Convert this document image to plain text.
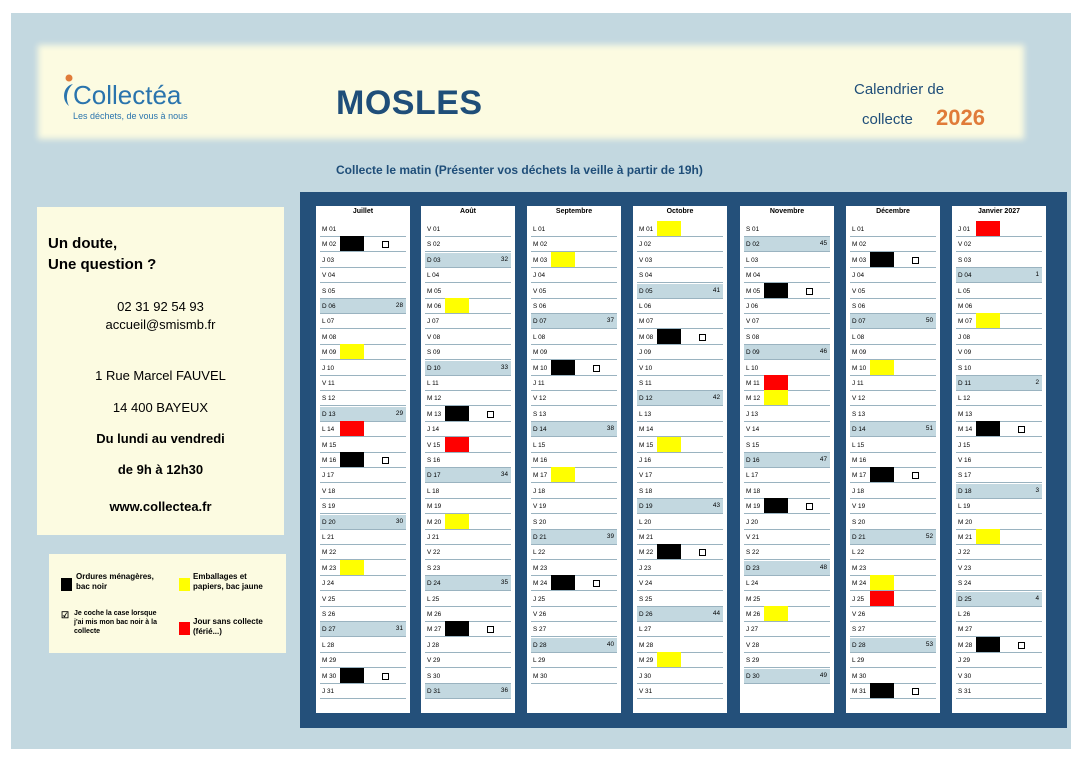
Collectéa
Les déchets, de vous à nous	MOSLES	Calendrier de
collecte 2026
Collecte le matin (Présenter vos déchets la veille à partir de 19h)
Un doute,
Une question ?
02 31 92 54 93
accueil@smismb.fr
1 Rue Marcel FAUVEL
14 400 BAYEUX
Du lundi au vendredi
de 9h à 12h30
www.collectea.fr
Ordures ménagères,
bac noir
Emballages et
papiers, bac jaune
☑ Je coche la case lorsque
j'ai mis mon bac noir à la
collecte
Jour sans collecte
(férié...)
Juillet
M 01
M 02
J 03
V 04
S 05
D 06	28
L 07
M 08
M 09
J 10
V 11
S 12
D 13	29
L 14
M 15
M 16
J 17
V 18
S 19
D 20	30
L 21
M 22
M 23
J 24
V 25
S 26
D 27	31
L 28
M 29
M 30
J 31
Août
V 01
S 02
D 03	32
L 04
M 05
M 06
J 07
V 08
S 09
D 10	33
L 11
M 12
M 13
J 14
V 15
S 16
D 17	34
L 18
M 19
M 20
J 21
V 22
S 23
D 24	35
L 25
M 26
M 27
J 28
V 29
S 30
D 31	36
Septembre
L 01
M 02
M 03
J 04
V 05
S 06
D 07	37
L 08
M 09
M 10
J 11
V 12
S 13
D 14	38
L 15
M 16
M 17
J 18
V 19
S 20
D 21	39
L 22
M 23
M 24
J 25
V 26
S 27
D 28	40
L 29
M 30
Octobre
M 01
J 02
V 03
S 04
D 05	41
L 06
M 07
M 08
J 09
V 10
S 11
D 12	42
L 13
M 14
M 15
J 16
V 17
S 18
D 19	43
L 20
M 21
M 22
J 23
V 24
S 25
D 26	44
L 27
M 28
M 29
J 30
V 31
Novembre
S 01
D 02	45
L 03
M 04
M 05
J 06
V 07
S 08
D 09	46
L 10
M 11
M 12
J 13
V 14
S 15
D 16	47
L 17
M 18
M 19
J 20
V 21
S 22
D 23	48
L 24
M 25
M 26
J 27
V 28
S 29
D 30	49
Décembre
L 01
M 02
M 03
J 04
V 05
S 06
D 07	50
L 08
M 09
M 10
J 11
V 12
S 13
D 14	51
L 15
M 16
M 17
J 18
V 19
S 20
D 21	52
L 22
M 23
M 24
J 25
V 26
S 27
D 28	53
L 29
M 30
M 31
Janvier 2027
J 01
V 02
S 03
D 04	1
L 05
M 06
M 07
J 08
V 09
S 10
D 11	2
L 12
M 13
M 14
J 15
V 16
S 17
D 18	3
L 19
M 20
M 21
J 22
V 23
S 24
D 25	4
L 26
M 27
M 28
J 29
V 30
S 31
